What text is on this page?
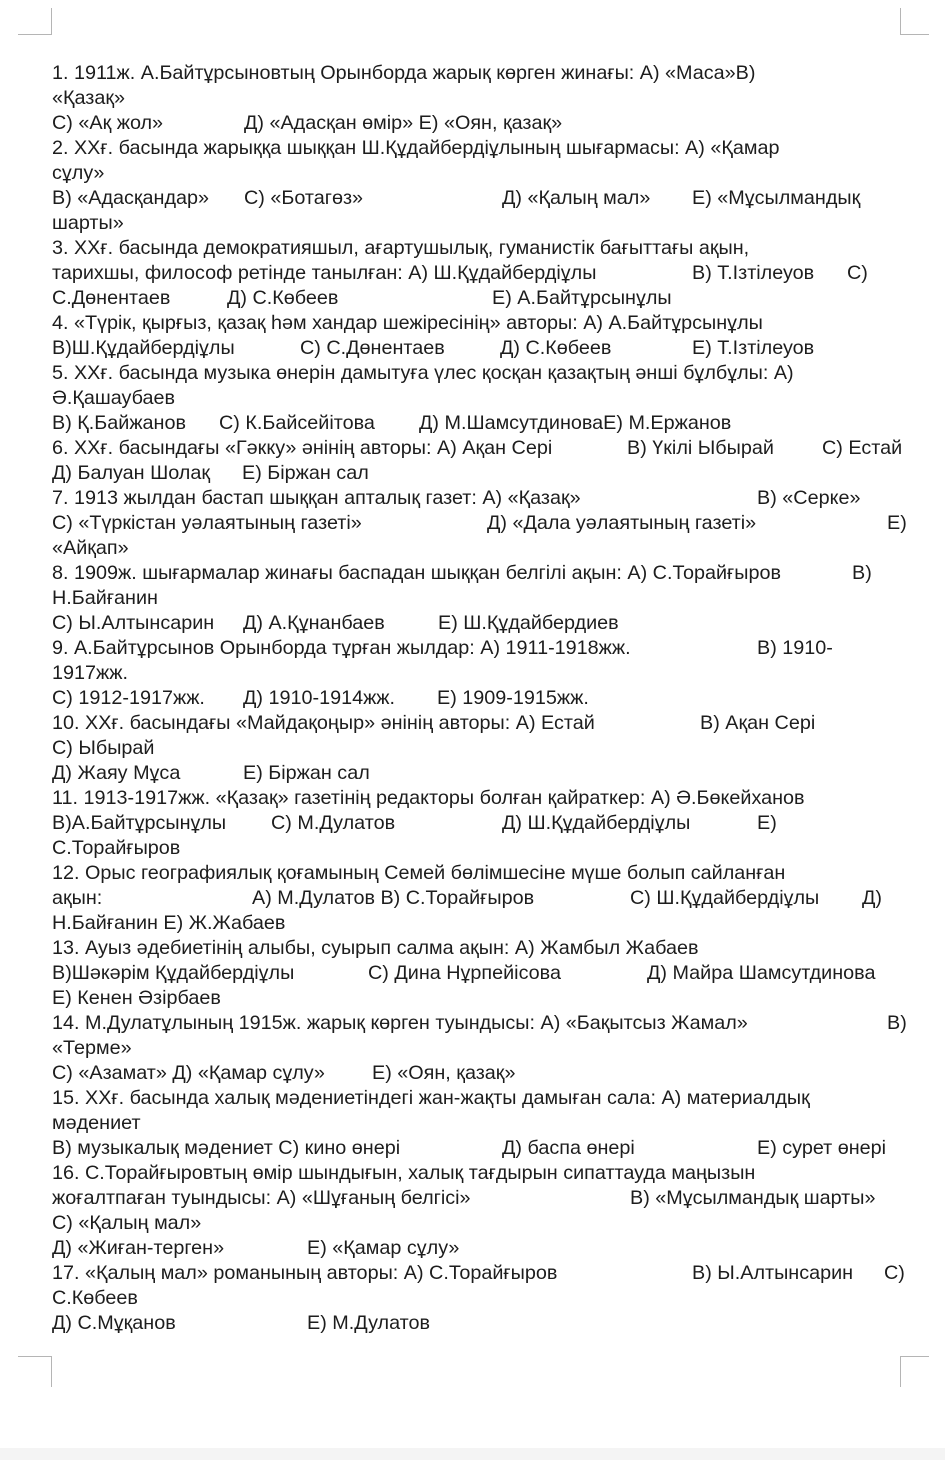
1. 1911ж. А.Байтұрсыновтың Орынборда жарық көрген жинағы: А) «Маса»В)
«Қазақ»
С) «Ақ жол»	Д) «Адасқан өмір» Е) «Оян, қазақ»
2. ХХғ. басында жарыққа шыққан Ш.Құдайбердіұлының шығармасы: А) «Қамар
сұлу»
В) «Адасқандар» С) «Ботагөз»	Д) «Қалың мал» Е) «Мұсылмандық
шарты»
3. ХХғ. басында демократияшыл, ағартушылық, гуманистік бағыттағы ақын,
тарихшы, философ ретінде танылған: А) Ш.Құдайбердіұлы	В) Т.Ізтілеуов С)
С.Дөнентаев	Д) С.Көбеев	Е) А.Байтұрсынұлы
4. «Түрік, қырғыз, қазақ һәм хандар шежіресінің» авторы: А) А.Байтұрсынұлы
В)Ш.Құдайбердіұлы	С) С.Дөнентаев	Д) С.Көбеев	Е) Т.Ізтілеуов
5. ХХғ. басында музыка өнерін дамытуға үлес қосқан қазақтың әнші бұлбұлы: А)
Ә.Қашаубаев
В) Қ.Байжанов С) К.Байсейітова Д) М.ШамсутдиноваЕ) М.Ержанов
6. ХХғ. басындағы «Гәкку» әнінің авторы: А) Ақан Сері	В) Үкілі Ыбырай С) Естай
Д) Балуан Шолақ Е) Біржан сал
7. 1913 жылдан бастап шыққан апталық газет: А) «Қазақ»	В) «Серке»
С) «Түркістан уәлаятының газеті»	Д) «Дала уәлаятының газеті»	Е)
«Айқап»
8. 1909ж. шығармалар жинағы баспадан шыққан белгілі ақын: А) С.Торайғыров	В)
Н.Байғанин
С) Ы.Алтынсарин Д) А.Құнанбаев	Е) Ш.Құдайбердиев
9. А.Байтұрсынов Орынборда тұрған жылдар: А) 1911-1918жж.	В) 1910-
1917жж.
С) 1912-1917жж. Д) 1910-1914жж. Е) 1909-1915жж.
10. ХХғ. басындағы «Майдақоңыр» әнінің авторы: А) Естай	В) Ақан Сері
С) Ыбырай
Д) Жаяу Мұса	Е) Біржан сал
11. 1913-1917жж. «Қазақ» газетінің редакторы болған қайраткер: А) Ә.Бөкейханов
В)А.Байтұрсынұлы С) М.Дулатов	Д) Ш.Құдайбердіұлы	Е)
С.Торайғыров
12. Орыс географиялық қоғамының Семей бөлімшесіне мүше болып сайланған
ақын:	А) М.Дулатов В) С.Торайғыров	С) Ш.Құдайбердіұлы Д)
Н.Байғанин Е) Ж.Жабаев
13. Ауыз әдебиетінің алыбы, суырып салма ақын: А) Жамбыл Жабаев
В)Шәкәрім Құдайбердіұлы	С) Дина Нұрпейісова	Д) Майра Шамсутдинова
Е) Кенен Әзірбаев
14. М.Дулатұлының 1915ж. жарық көрген туындысы: А) «Бақытсыз Жамал»	В)
«Терме»
С) «Азамат» Д) «Қамар сұлу» Е) «Оян, қазақ»
15. ХХғ. басында халық мәдениетіндегі жан-жақты дамыған сала: А) материалдық
мәдениет
В) музыкалық мәдениет С) кино өнері	Д) баспа өнері	Е) сурет өнері
16. С.Торайғыровтың өмір шындығын, халық тағдырын сипаттауда маңызын
жоғалтпаған туындысы: А) «Шұғаның белгісі»	В) «Мұсылмандық шарты»
С) «Қалың мал»
Д) «Жиған-терген»	Е) «Қамар сұлу»
17. «Қалың мал» романының авторы: А) С.Торайғыров	В) Ы.Алтынсарин С)
С.Көбеев
Д) С.Мұқанов	Е) М.Дулатов
